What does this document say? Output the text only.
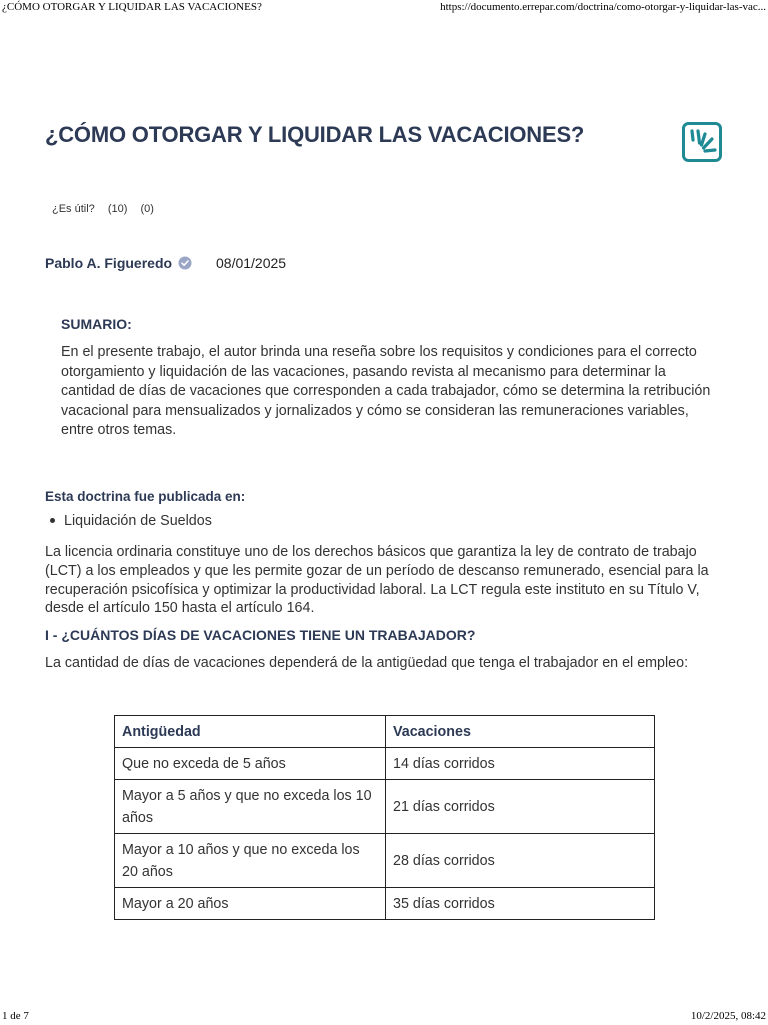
¿CÓMO OTORGAR Y LIQUIDAR LAS VACACIONES?	https://documento.errepar.com/doctrina/como-otorgar-y-liquidar-las-vac...
¿CÓMO OTORGAR Y LIQUIDAR LAS VACACIONES?
¿Es útil? (10) (0)
Pablo A. Figueredo	08/01/2025
SUMARIO:

En el presente trabajo, el autor brinda una reseña sobre los requisitos y condiciones para el correcto otorgamiento y liquidación de las vacaciones, pasando revista al mecanismo para determinar la cantidad de días de vacaciones que corresponden a cada trabajador, cómo se determina la retribución vacacional para mensualizados y jornalizados y cómo se consideran las remuneraciones variables, entre otros temas.

Esta doctrina fue publicada en:
Liquidación de Sueldos

La licencia ordinaria constituye uno de los derechos básicos que garantiza la ley de contrato de trabajo (LCT) a los empleados y que les permite gozar de un período de descanso remunerado, esencial para la recuperación psicofísica y optimizar la productividad laboral. La LCT regula este instituto en su Título V, desde el artículo 150 hasta el artículo 164.

I - ¿CUÁNTOS DÍAS DE VACACIONES TIENE UN TRABAJADOR?

La cantidad de días de vacaciones dependerá de la antigüedad que tenga el trabajador en el empleo:

Antigüedad	Vacaciones
Que no exceda de 5 años	14 días corridos
Mayor a 5 años y que no exceda los 10 años	21 días corridos
Mayor a 10 años y que no exceda los 20 años	28 días corridos
Mayor a 20 años	35 días corridos
1 de 7	10/2/2025, 08:42
